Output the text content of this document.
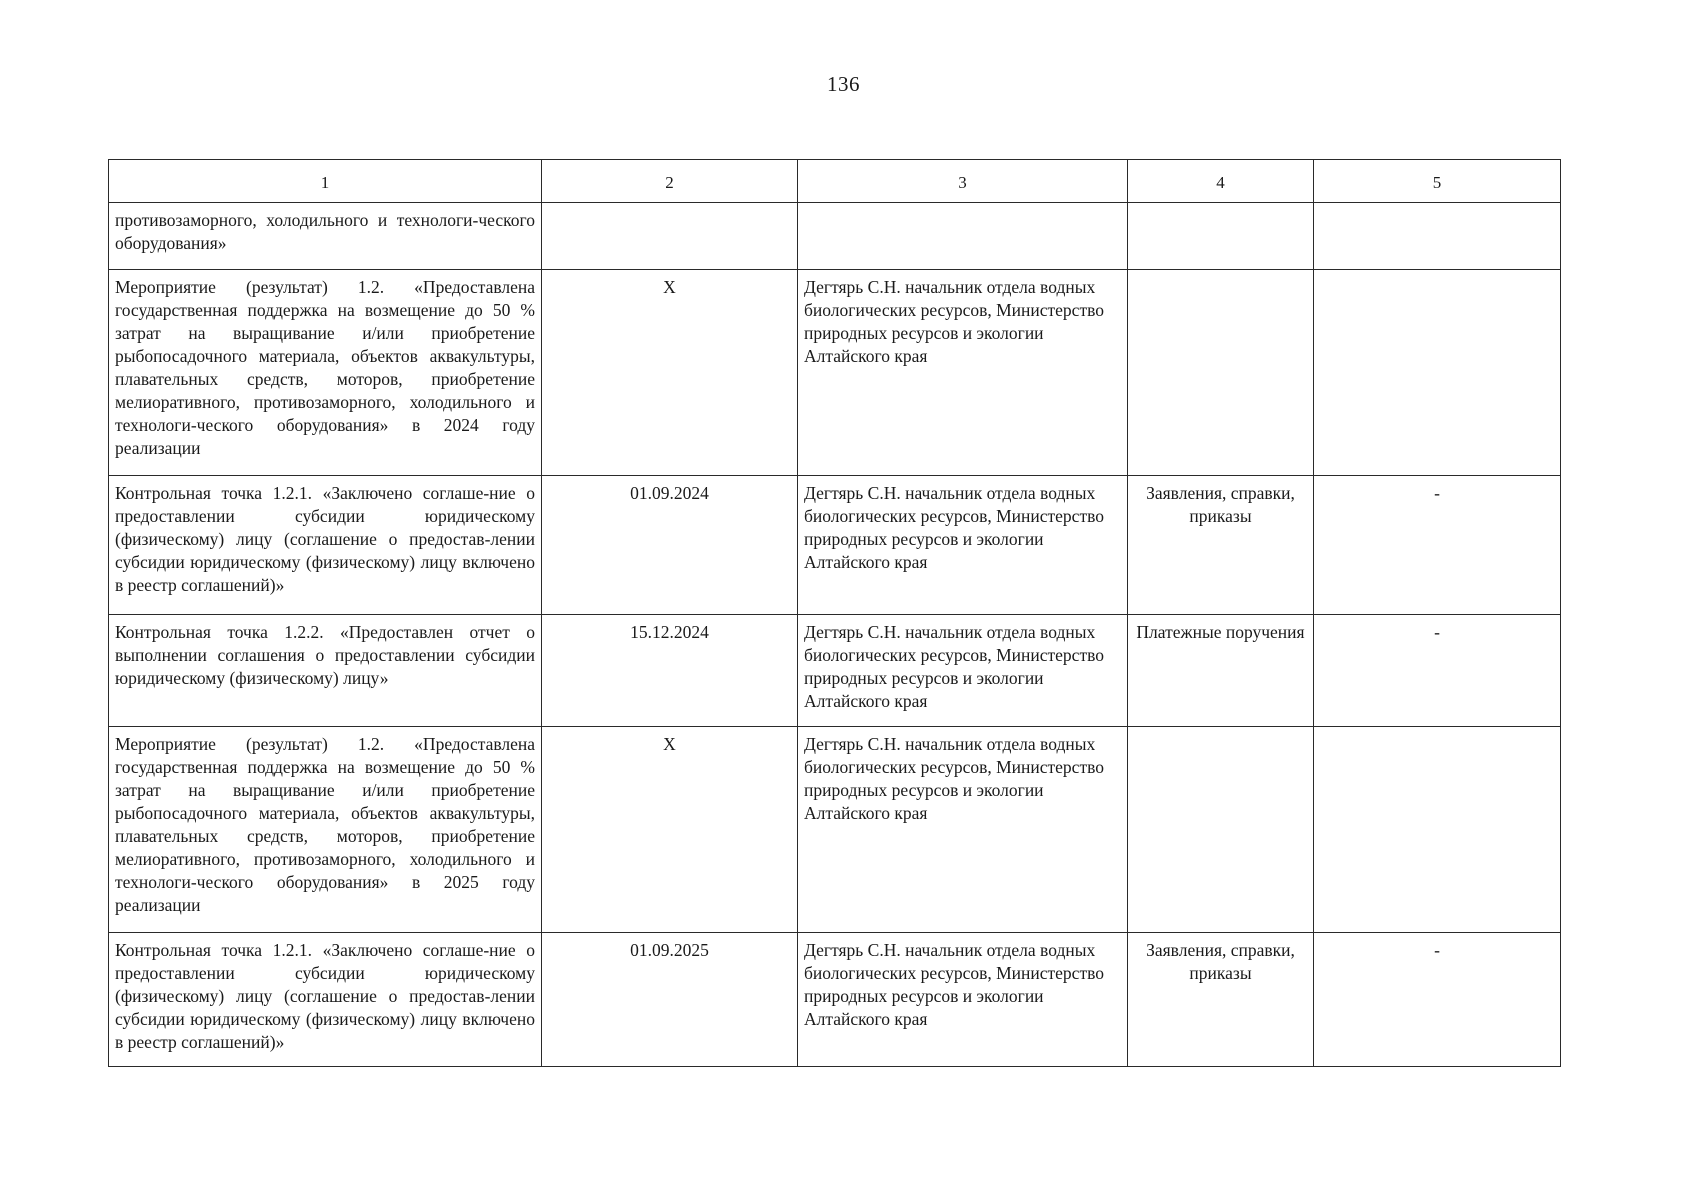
136
1	2	3	4	5
противозаморного, холодильного и технологи-ческого оборудования»				
Мероприятие (результат) 1.2. «Предоставлена государственная поддержка на возмещение до 50 % затрат на выращивание и/или приобретение рыбопосадочного материала, объектов аквакультуры, плавательных средств, моторов, приобретение мелиоративного, противозаморного, холодильного и технологи-ческого оборудования» в 2024 году реализации	X	Дегтярь С.Н. начальник отдела водных биологических ресурсов, Министерство природных ресурсов и экологии Алтайского края		
Контрольная точка 1.2.1. «Заключено соглаше-ние о предоставлении субсидии юридическому (физическому) лицу (соглашение о предостав-лении субсидии юридическому (физическому) лицу включено в реестр соглашений)»	01.09.2024	Дегтярь С.Н. начальник отдела водных биологических ресурсов, Министерство природных ресурсов и экологии Алтайского края	Заявления, справки, приказы	-
Контрольная точка 1.2.2. «Предоставлен отчет о выполнении соглашения о предоставлении субсидии юридическому (физическому) лицу»	15.12.2024	Дегтярь С.Н. начальник отдела водных биологических ресурсов, Министерство природных ресурсов и экологии Алтайского края	Платежные поручения	-
Мероприятие (результат) 1.2. «Предоставлена государственная поддержка на возмещение до 50 % затрат на выращивание и/или приобретение рыбопосадочного материала, объектов аквакультуры, плавательных средств, моторов, приобретение мелиоративного, противозаморного, холодильного и технологи-ческого оборудования» в 2025 году реализации	X	Дегтярь С.Н. начальник отдела водных биологических ресурсов, Министерство природных ресурсов и экологии Алтайского края		
Контрольная точка 1.2.1. «Заключено соглаше-ние о предоставлении субсидии юридическому (физическому) лицу (соглашение о предостав-лении субсидии юридическому (физическому) лицу включено в реестр соглашений)»	01.09.2025	Дегтярь С.Н. начальник отдела водных биологических ресурсов, Министерство природных ресурсов и экологии Алтайского края	Заявления, справки, приказы	-
